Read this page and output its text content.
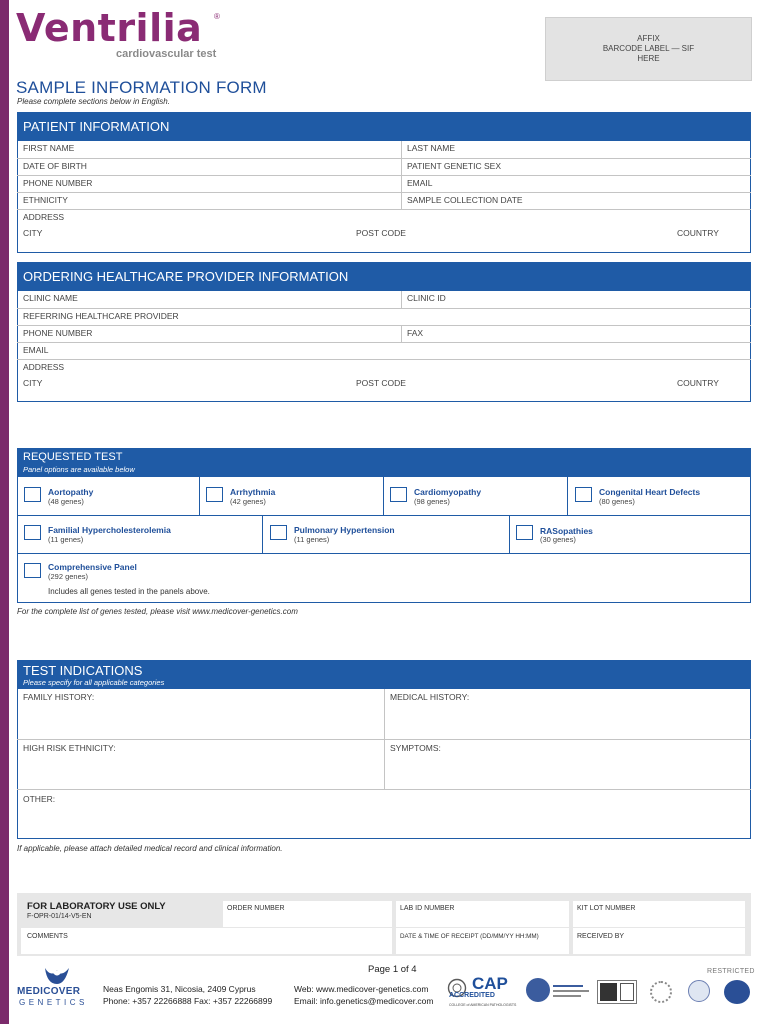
Ventrilia ®
cardiovascular test
AFFIX
BARCODE LABEL — SIF
HERE
SAMPLE INFORMATION FORM
Please complete sections below in English.
PATIENT INFORMATION
FIRST NAME	LAST NAME
DATE OF BIRTH	PATIENT GENETIC SEX
PHONE NUMBER	EMAIL
ETHNICITY	SAMPLE COLLECTION DATE
ADDRESS
CITY	POST CODE	COUNTRY
ORDERING HEALTHCARE PROVIDER INFORMATION
CLINIC NAME	CLINIC ID
REFERRING HEALTHCARE PROVIDER
PHONE NUMBER	FAX
EMAIL
ADDRESS
CITY	POST CODE	COUNTRY
REQUESTED TEST
Panel options are available below
Aortopathy
(48 genes)
Arrhythmia
(42 genes)
Cardiomyopathy
(98 genes)
Congenital Heart Defects
(80 genes)
Familial Hypercholesterolemia
(11 genes)
Pulmonary Hypertension
(11 genes)
RASopathies
(30 genes)
Comprehensive Panel
(292 genes)
Includes all genes tested in the panels above.
For the complete list of genes tested, please visit www.medicover-genetics.com
TEST INDICATIONS
Please specify for all applicable categories
FAMILY HISTORY:	MEDICAL HISTORY:
HIGH RISK ETHNICITY:	SYMPTOMS:
OTHER:
If applicable, please attach detailed medical record and clinical information.
FOR LABORATORY USE ONLY
F-OPR-01/14-V5-EN
ORDER NUMBER	LAB ID NUMBER	KIT LOT NUMBER
COMMENTS	DATE & TIME OF RECEIPT (DD/MM/YY HH:MM)	RECEIVED BY
MEDICOVER
GENETICS
Neas Engomis 31, Nicosia, 2409 Cyprus
Phone: +357 22266888 Fax: +357 22266899
Web: www.medicover-genetics.com
Email: info.genetics@medicover.com
Page 1 of 4	RESTRICTED
CAP
ACCREDITED
COLLEGE of AMERICAN PATHOLOGISTS
